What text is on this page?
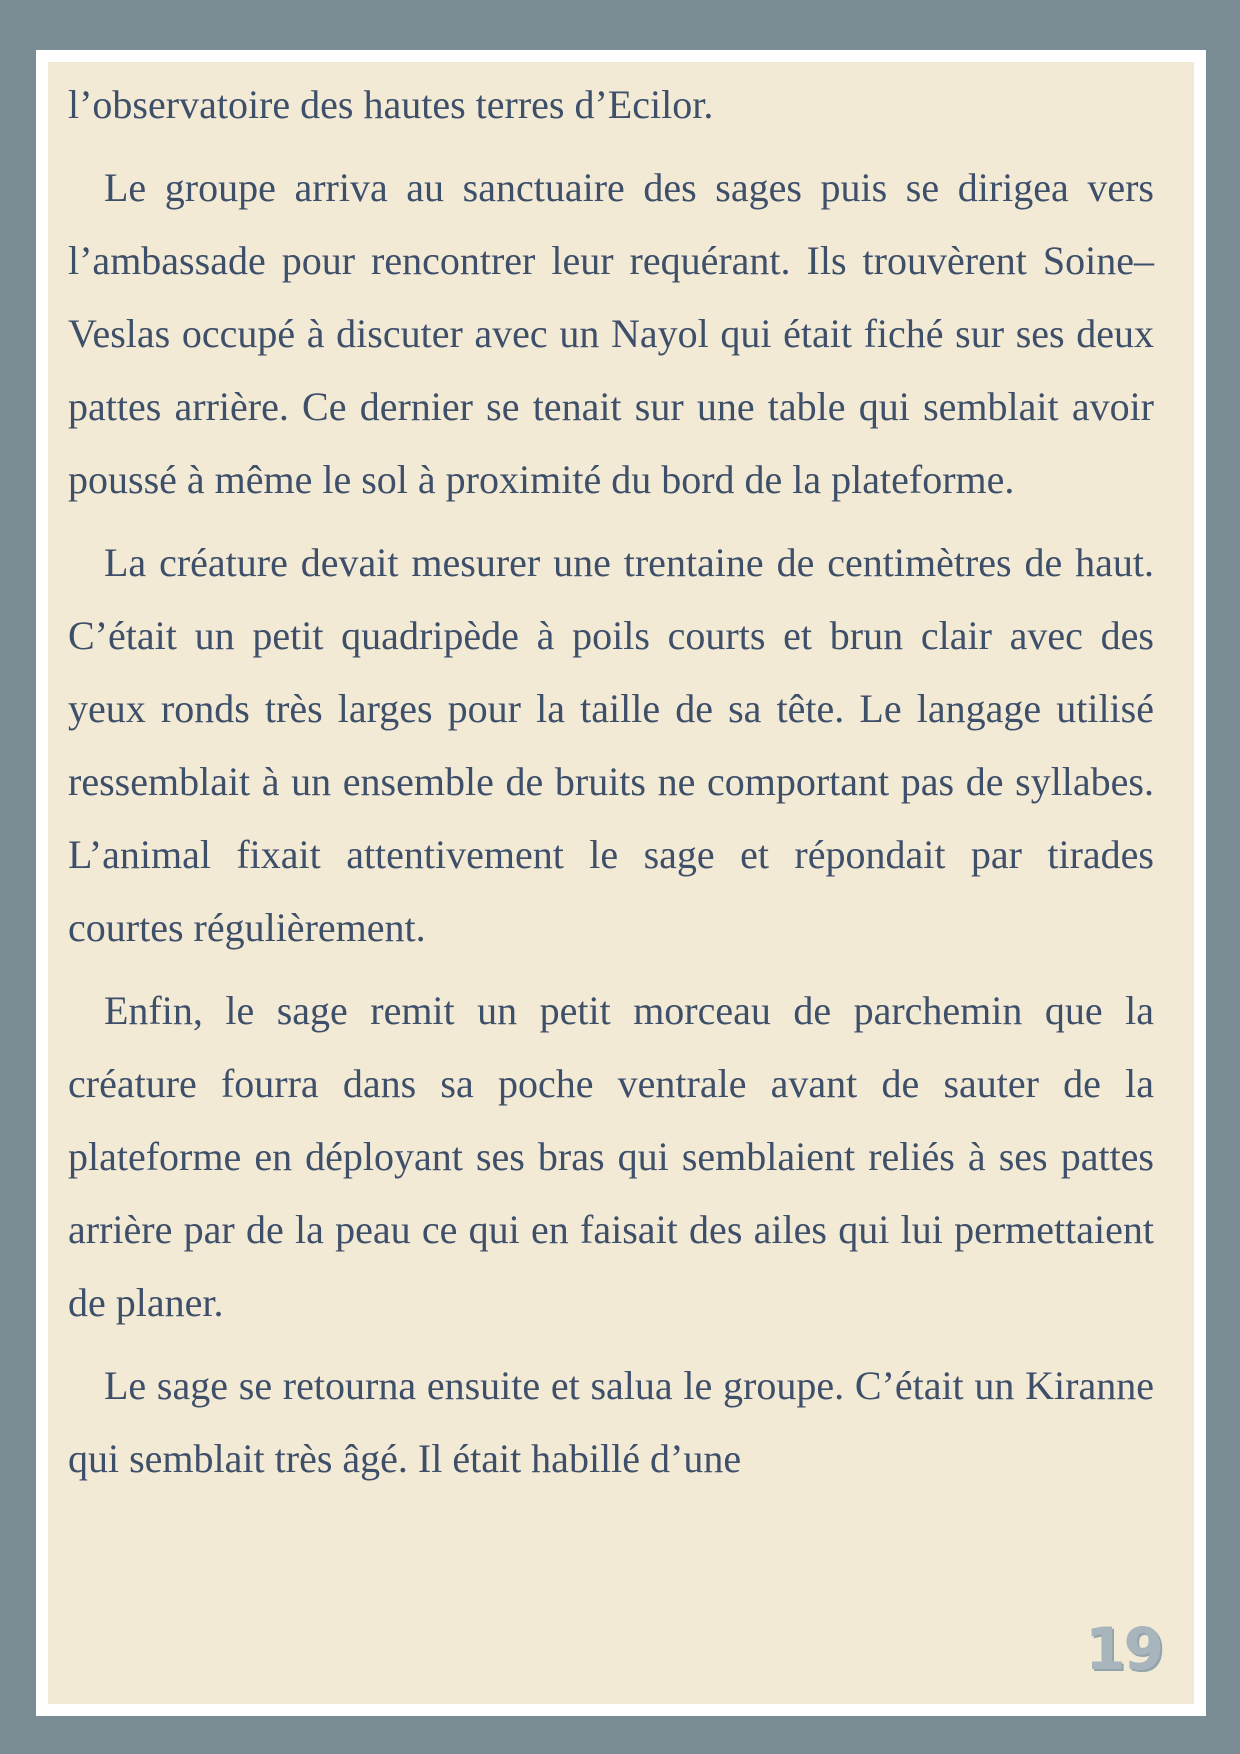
l’observatoire des hautes terres d’Ecilor.

Le groupe arriva au sanctuaire des sages puis se dirigea vers l’ambassade pour rencontrer leur requérant. Ils trouvèrent Soine–Veslas occupé à discuter avec un Nayol qui était fiché sur ses deux pattes arrière. Ce dernier se tenait sur une table qui semblait avoir poussé à même le sol à proximité du bord de la plateforme.

La créature devait mesurer une trentaine de centimètres de haut. C’était un petit quadripède à poils courts et brun clair avec des yeux ronds très larges pour la taille de sa tête. Le langage utilisé ressemblait à un ensemble de bruits ne comportant pas de syllabes. L’animal fixait attentivement le sage et répondait par tirades courtes régulièrement.

Enfin, le sage remit un petit morceau de parchemin que la créature fourra dans sa poche ventrale avant de sauter de la plateforme en déployant ses bras qui semblaient reliés à ses pattes arrière par de la peau ce qui en faisait des ailes qui lui permettaient de planer.

Le sage se retourna ensuite et salua le groupe. C’était un Kiranne qui semblait très âgé. Il était habillé d’une

19
